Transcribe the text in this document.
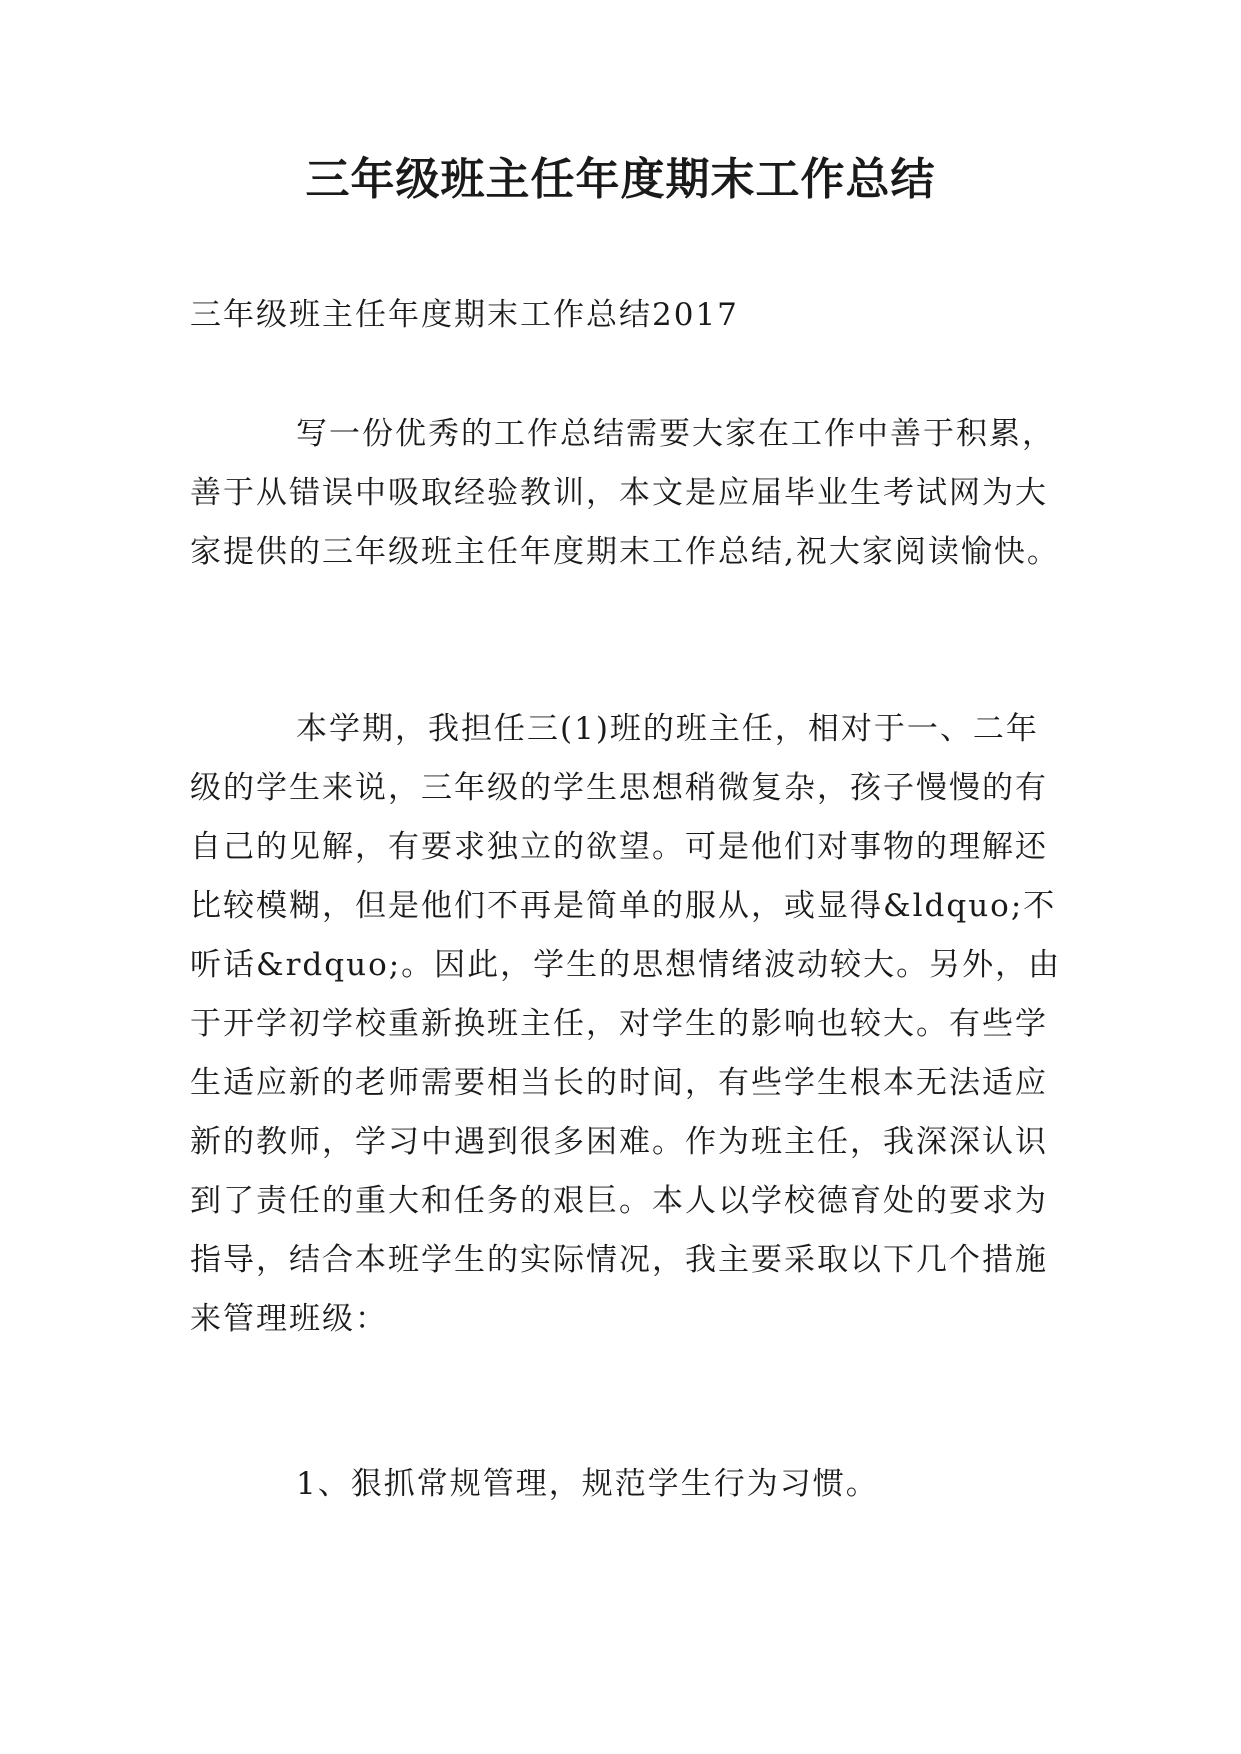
三年级班主任年度期末工作总结

三年级班主任年度期末工作总结2017

写一份优秀的工作总结需要大家在工作中善于积累，
善于从错误中吸取经验教训，本文是应届毕业生考试网为大
家提供的三年级班主任年度期末工作总结,祝大家阅读愉快。

本学期，我担任三(1)班的班主任，相对于一、二年
级的学生来说，三年级的学生思想稍微复杂，孩子慢慢的有
自己的见解，有要求独立的欲望。可是他们对事物的理解还
比较模糊，但是他们不再是简单的服从，或显得&ldquo;不
听话&rdquo;。因此，学生的思想情绪波动较大。另外，由
于开学初学校重新换班主任，对学生的影响也较大。有些学
生适应新的老师需要相当长的时间，有些学生根本无法适应
新的教师，学习中遇到很多困难。作为班主任，我深深认识
到了责任的重大和任务的艰巨。本人以学校德育处的要求为
指导，结合本班学生的实际情况，我主要采取以下几个措施
来管理班级：

1、狠抓常规管理，规范学生行为习惯。
